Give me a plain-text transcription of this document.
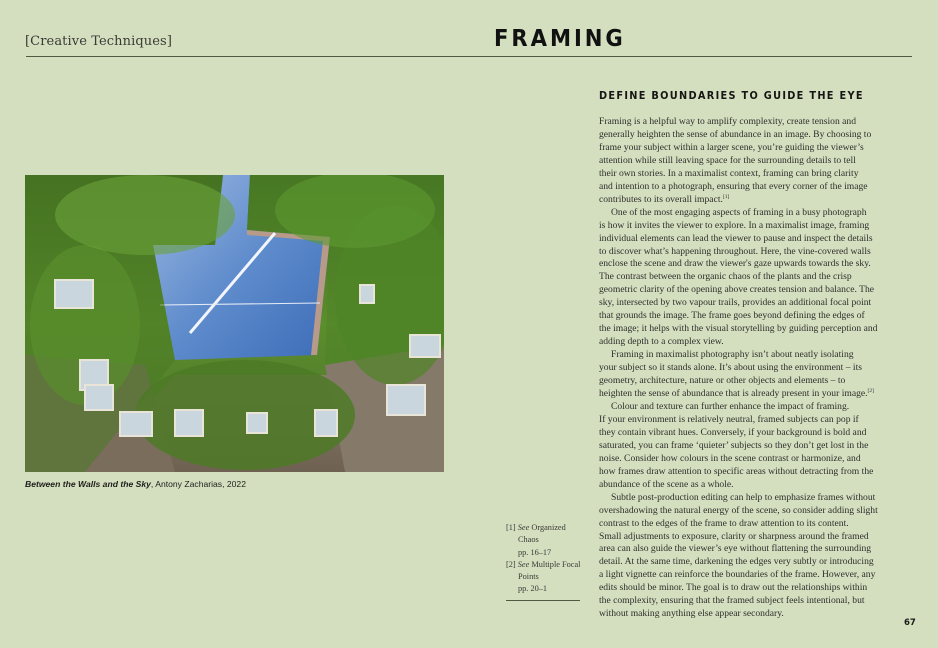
[Creative Techniques]	FRAMING
Between the Walls and the Sky, Antony Zacharias, 2022
DEFINE BOUNDARIES TO GUIDE THE EYE
Framing is a helpful way to amplify complexity, create tension and
generally heighten the sense of abundance in an image. By choosing to
frame your subject within a larger scene, you’re guiding the viewer’s
attention while still leaving space for the surrounding details to tell
their own stories. In a maximalist context, framing can bring clarity
and intention to a photograph, ensuring that every corner of the image
contributes to its overall impact.[1]
One of the most engaging aspects of framing in a busy photograph
is how it invites the viewer to explore. In a maximalist image, framing
individual elements can lead the viewer to pause and inspect the details
to discover what’s happening throughout. Here, the vine-covered walls
enclose the scene and draw the viewer's gaze upwards towards the sky.
The contrast between the organic chaos of the plants and the crisp
geometric clarity of the opening above creates tension and balance. The
sky, intersected by two vapour trails, provides an additional focal point
that grounds the image. The frame goes beyond defining the edges of
the image; it helps with the visual storytelling by guiding perception and
adding depth to a complex view.
Framing in maximalist photography isn’t about neatly isolating
your subject so it stands alone. It’s about using the environment – its
geometry, architecture, nature or other objects and elements – to
heighten the sense of abundance that is already present in your image.[2]
Colour and texture can further enhance the impact of framing.
If your environment is relatively neutral, framed subjects can pop if
they contain vibrant hues. Conversely, if your background is bold and
saturated, you can frame ‘quieter’ subjects so they don’t get lost in the
noise. Consider how colours in the scene contrast or harmonize, and
how frames draw attention to specific areas without detracting from the
abundance of the scene as a whole.
Subtle post-production editing can help to emphasize frames without
overshadowing the natural energy of the scene, so consider adding slight
contrast to the edges of the frame to draw attention to its content.
Small adjustments to exposure, clarity or sharpness around the framed
area can also guide the viewer’s eye without flattening the surrounding
detail. At the same time, darkening the edges very subtly or introducing
a light vignette can reinforce the boundaries of the frame. However, any
edits should be minor. The goal is to draw out the relationships within
the complexity, ensuring that the framed subject feels intentional, but
without making anything else appear secondary.
[1] See Organized
Chaos
pp. 16–17
[2] See Multiple Focal
Points
pp. 20–1
67
